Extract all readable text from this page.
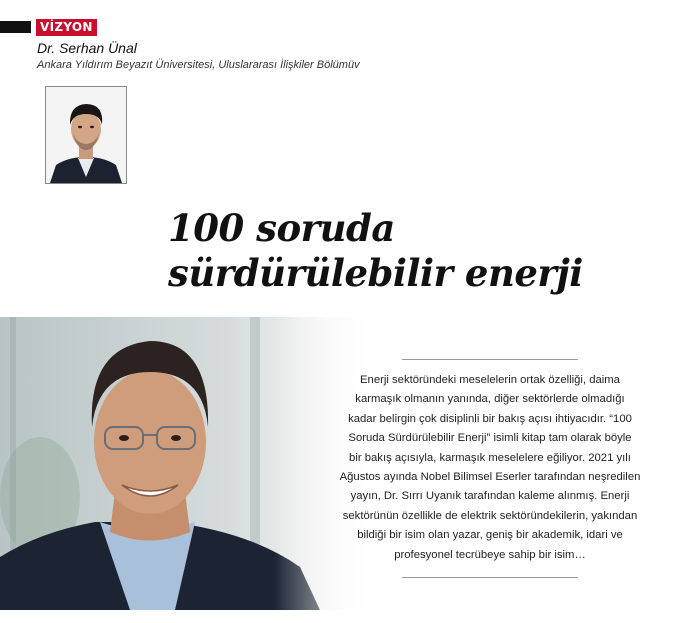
VİZYON
Dr. Serhan Ünal
Ankara Yıldırım Beyazıt Üniversitesi, Uluslararası İlişkiler Bölümüv
100 soruda
sürdürülebilir enerji
Enerji sektöründeki meselelerin ortak özelliği, daima
karmaşık olmanın yanında, diğer sektörlerde olmadığı
kadar belirgin çok disiplinli bir bakış açısı ihtiyacıdır. “100
Soruda Sürdürülebilir Enerji” isimli kitap tam olarak böyle
bir bakış açısıyla, karmaşık meselelere eğiliyor. 2021 yılı
Ağustos ayında Nobel Bilimsel Eserler tarafından neşredilen
yayın, Dr. Sırrı Uyanık tarafından kaleme alınmış. Enerji
sektörünün özellikle de elektrik sektöründekilerin, yakından
bildiği bir isim olan yazar, geniş bir akademik, idari ve
profesyonel tecrübeye sahip bir isim…
